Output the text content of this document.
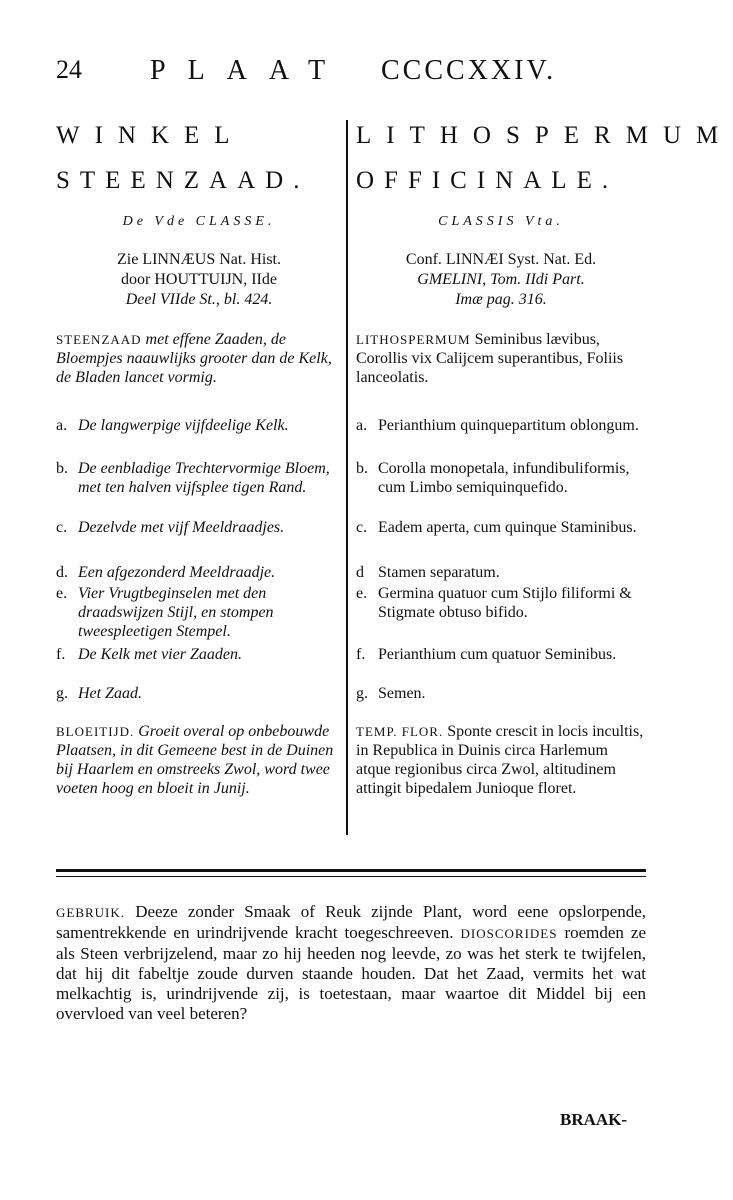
24 PLAAT CCCCXXIV.
WINKEL
STEENZAAD.
De Vde CLASSE.
Zie LINNÆUS Nat. Hist.
door HOUTTUIJN, IIde
Deel VIIde St., bl. 424.
STEENZAAD met effene Zaaden, de Bloempjes naauwlijks grooter dan de Kelk, de Bladen lancet vormig.
a. De langwerpige vijfdeelige Kelk.
b. De eenbladige Trechtervormige Bloem, met ten halven vijfsplee tigen Rand.
c. Dezelvde met vijf Meeldraadjes.
d. Een afgezonderd Meeldraadje.
e. Vier Vrugtbeginselen met den draadswijzen Stijl, en stompen tweespleetigen Stempel.
f. De Kelk met vier Zaaden.
g. Het Zaad.
BLOEITIJD. Groeit overal op onbebouwde Plaatsen, in dit Gemeene best in de Duinen bij Haarlem en omstreeks Zwol, word twee voeten hoog en bloeit in Junij.
LITHOSPERMUM
OFFICINALE.
CLASSIS Vta.
Conf. LINNÆI Syst. Nat. Ed.
GMELINI, Tom. IIdi Part.
Imæ pag. 316.
LITHOSPERMUM Seminibus lævibus, Corollis vix Calijcem superantibus, Foliis lanceolatis.
a. Perianthium quinquepartitum oblongum.
b. Corolla monopetala, infundibuliformis, cum Limbo semiquinquefido.
c. Eadem aperta, cum quinque Staminibus.
d Stamen separatum.
e. Germina quatuor cum Stijlo filiformi & Stigmate obtuso bifido.
f. Perianthium cum quatuor Seminibus.
g. Semen.
TEMP. FLOR. Sponte crescit in locis incultis, in Republica in Duinis circa Harlemum atque regionibus circa Zwol, altitudinem attingit bipedalem Junioque floret.
GEBRUIK. Deeze zonder Smaak of Reuk zijnde Plant, word eene opslorpende, samentrekkende en urindrijvende kracht toegeschreeven. DIOSCORIDES roemden ze als Steen verbrijzelend, maar zo hij heeden nog leevde, zo was het sterk te twijfelen, dat hij dit fabeltje zoude durven staande houden. Dat het Zaad, vermits het wat melkachtig is, urindrijvende zij, is toetestaan, maar waartoe dit Middel bij een overvloed van veel beteren?
BRAAK-
